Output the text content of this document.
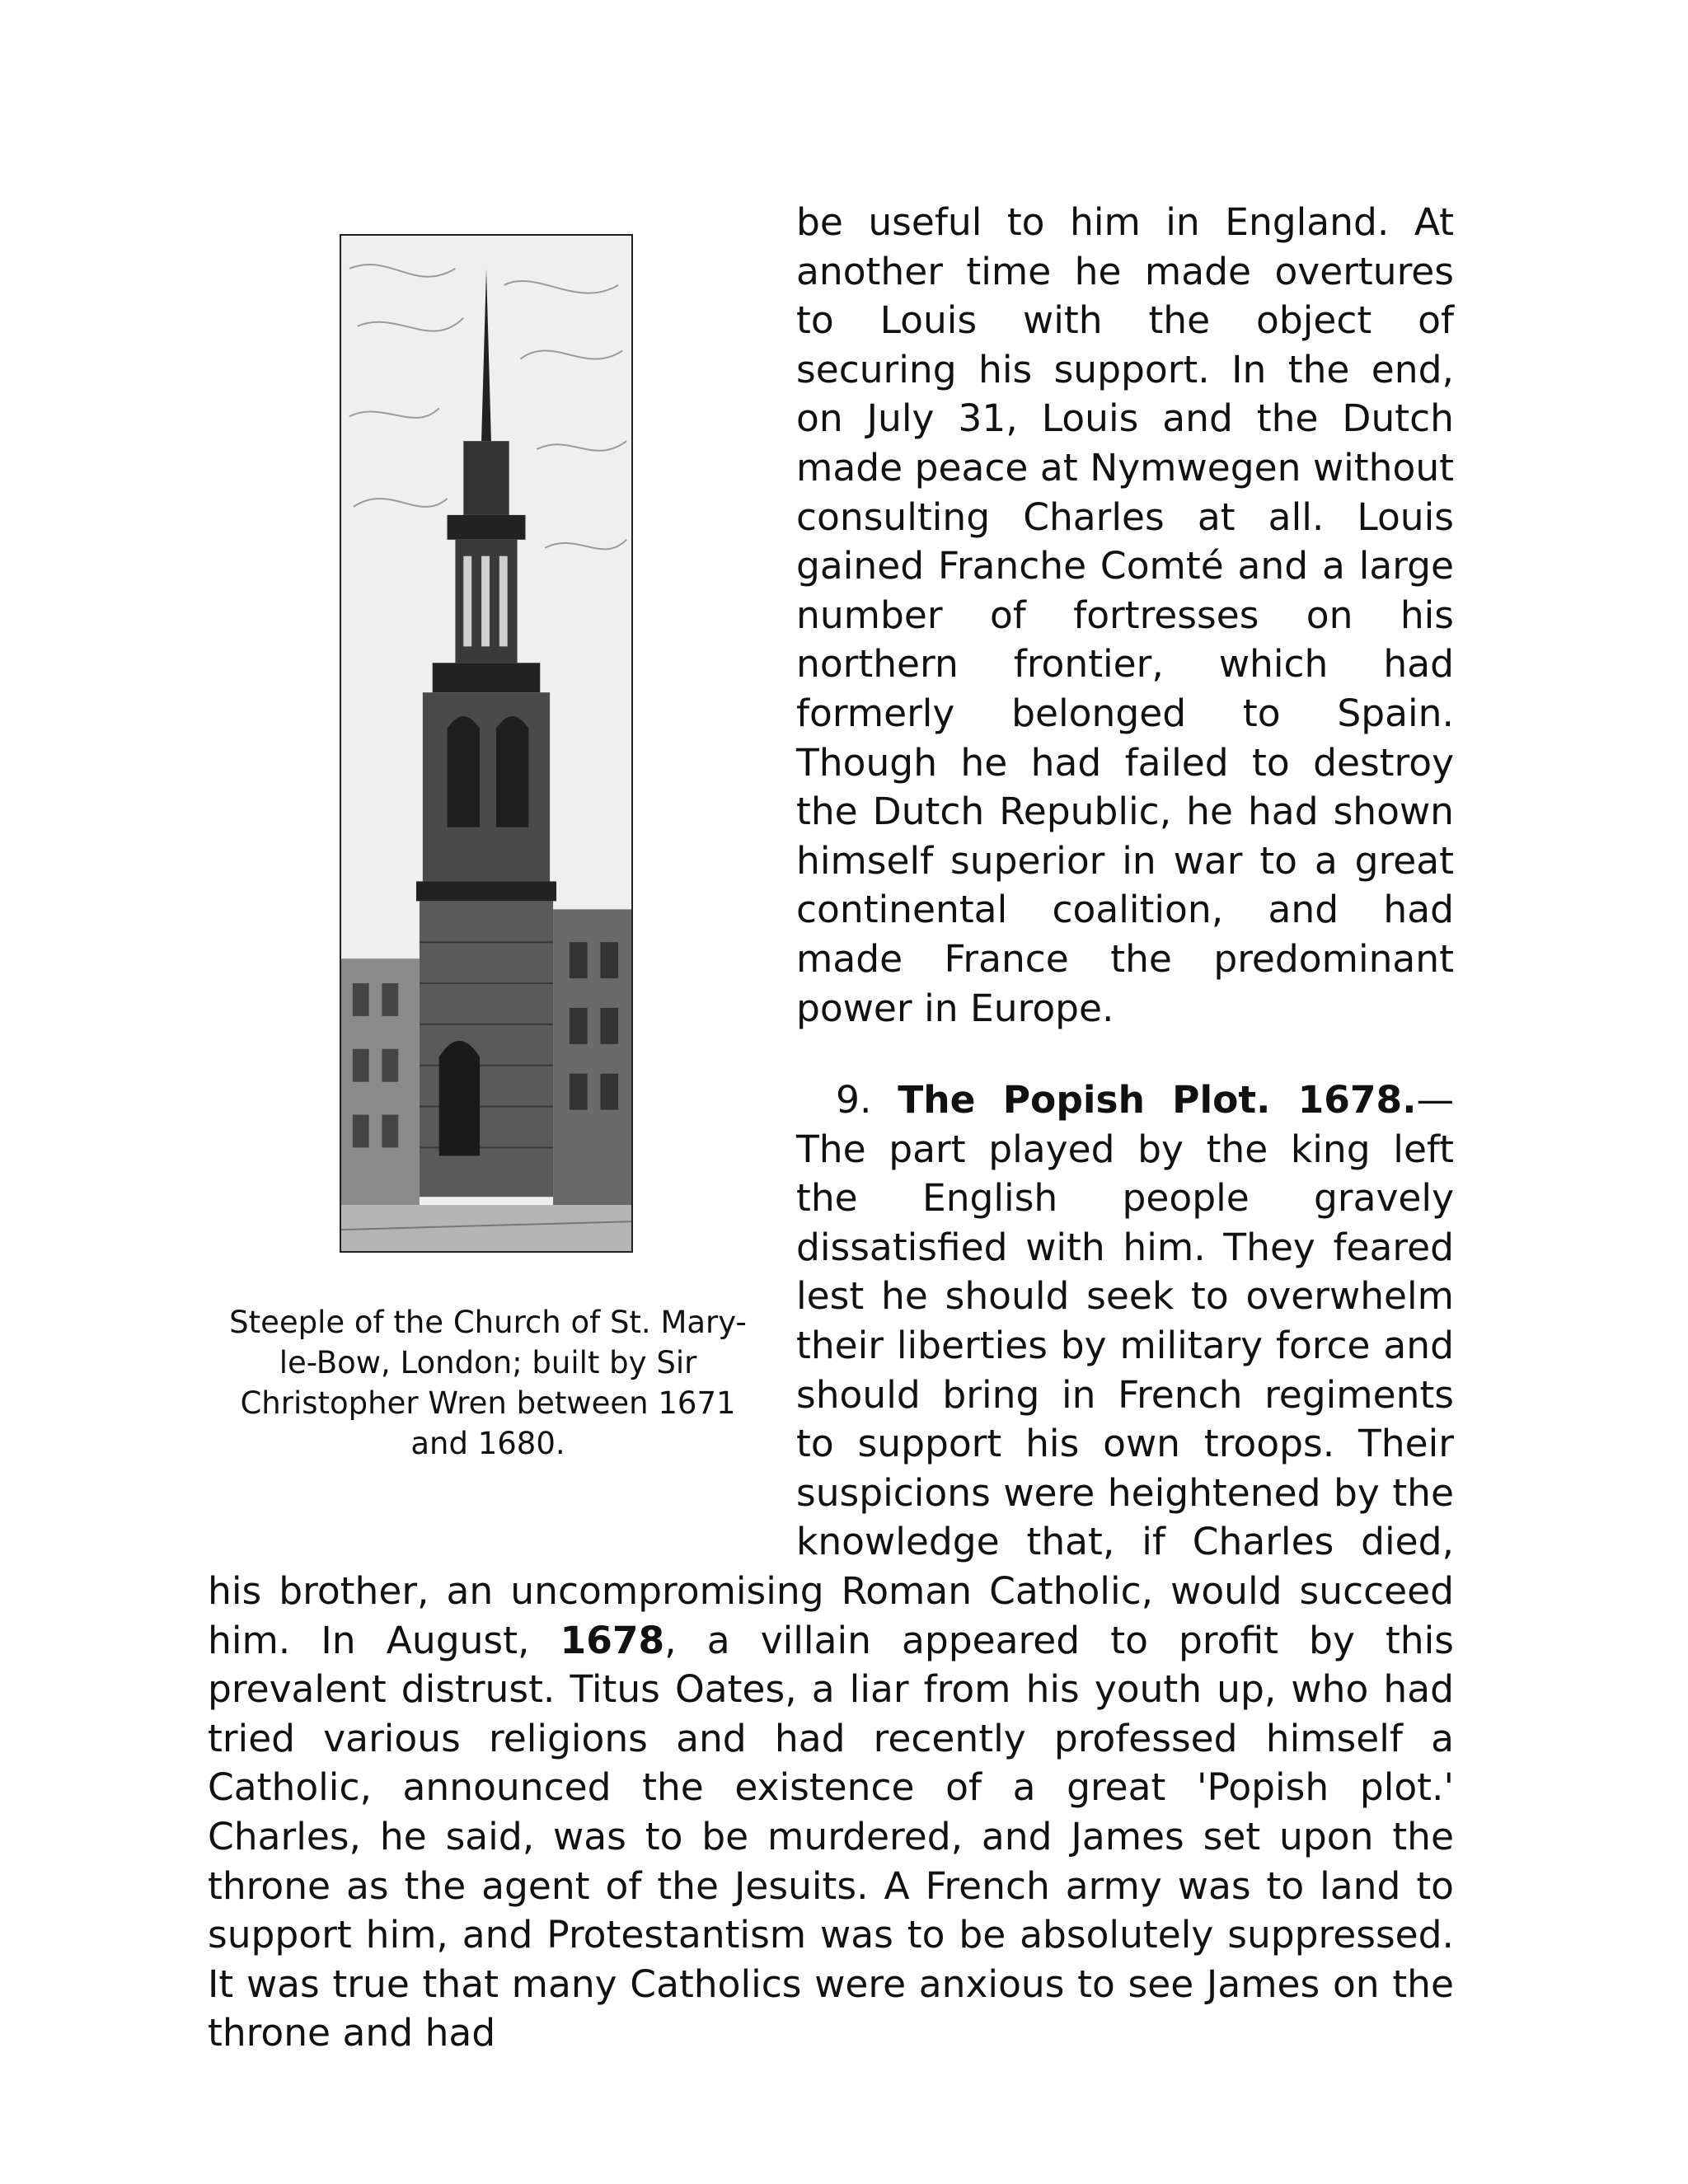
Steeple of the Church of St. Mary-le-Bow, London; built by Sir Christopher Wren between 1671 and 1680.

be useful to him in England. At another time he made overtures to Louis with the object of securing his support. In the end, on July 31, Louis and the Dutch made peace at Nymwegen without consulting Charles at all. Louis gained Franche Comté and a large number of fortresses on his northern frontier, which had formerly belonged to Spain. Though he had failed to destroy the Dutch Republic, he had shown himself superior in war to a great continental coalition, and had made France the predominant power in Europe.

9. The Popish Plot. 1678.—The part played by the king left the English people gravely dissatisfied with him. They feared lest he should seek to overwhelm their liberties by military force and should bring in French regiments to support his own troops. Their suspicions were heightened by the knowledge that, if Charles died, his brother, an uncompromising Roman Catholic, would succeed him. In August, 1678, a villain appeared to profit by this prevalent distrust. Titus Oates, a liar from his youth up, who had tried various religions and had recently professed himself a Catholic, announced the existence of a great 'Popish plot.' Charles, he said, was to be murdered, and James set upon the throne as the agent of the Jesuits. A French army was to land to support him, and Protestantism was to be absolutely suppressed. It was true that many Catholics were anxious to see James on the throne and had
